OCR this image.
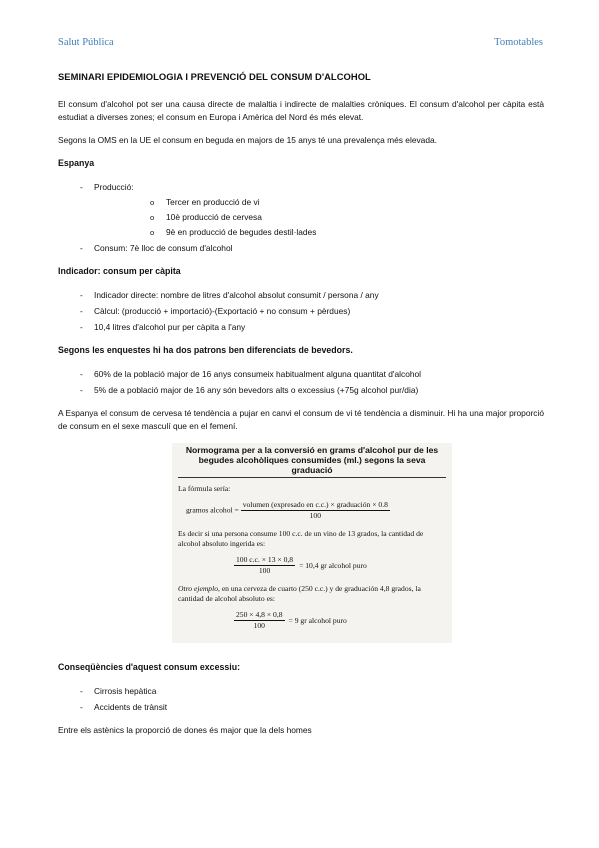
Salut Pública	Tomotables
SEMINARI EPIDEMIOLOGIA I PREVENCIÓ DEL CONSUM D'ALCOHOL

El consum d'alcohol pot ser una causa directe de malaltia i indirecte de malalties cròniques. El consum d'alcohol per càpita està estudiat a diverses zones; el consum en Europa i Amèrica del Nord és més elevat.

Segons la OMS en la UE el consum en beguda en majors de 15 anys té una prevalença més elevada.

Espanya
- Producció:
o Tercer en producció de vi
o 10è producció de cervesa
o 9è en producció de begudes destil·lades
- Consum: 7è lloc de consum d'alcohol
Indicador: consum per càpita
- Indicador directe: nombre de litres d'alcohol absolut consumit / persona / any
- Càlcul: (producció + importació)-(Exportació + no consum + pèrdues)
- 10,4 litres d'alcohol pur per càpita a l'any
Segons les enquestes hi ha dos patrons ben diferenciats de bevedors.
- 60% de la població major de 16 anys consumeix habitualment alguna quantitat d'alcohol
- 5% de a població major de 16 any són bevedors alts o excessius (+75g alcohol pur/dia)

A Espanya el consum de cervesa té tendència a pujar en canvi el consum de vi té tendència a disminuir. Hi ha una major proporció de consum en el sexe masculí que en el femení.

Normograma per a la conversió en grams d'alcohol pur de les begudes alcohòliques consumides (ml.) segons la seva graduació
La fórmula sería:
gramos alcohol = $\frac{\text{volumen (expresado en c.c.) × graduación × 0.8}}{100}$
Es decir si una persona consume 100 c.c. de un vino de 13 grados, la cantidad de alcohol absoluto ingerida es:
$\frac{100 c.c. \times 13 \times 0,8}{100} = 10,4$ gr alcohol puro
Otro ejemplo, en una cerveza de cuarto (250 c.c.) y de graduación 4,8 grados, la cantidad de alcohol absoluto es:
$\frac{250 \times 4,8 \times 0,8}{100} = 9$ gr alcohol puro
Conseqüències d'aquest consum excessiu:
- Cirrosis hepàtica
- Accidents de trànsit

Entre els astènics la proporció de dones és major que la dels homes
